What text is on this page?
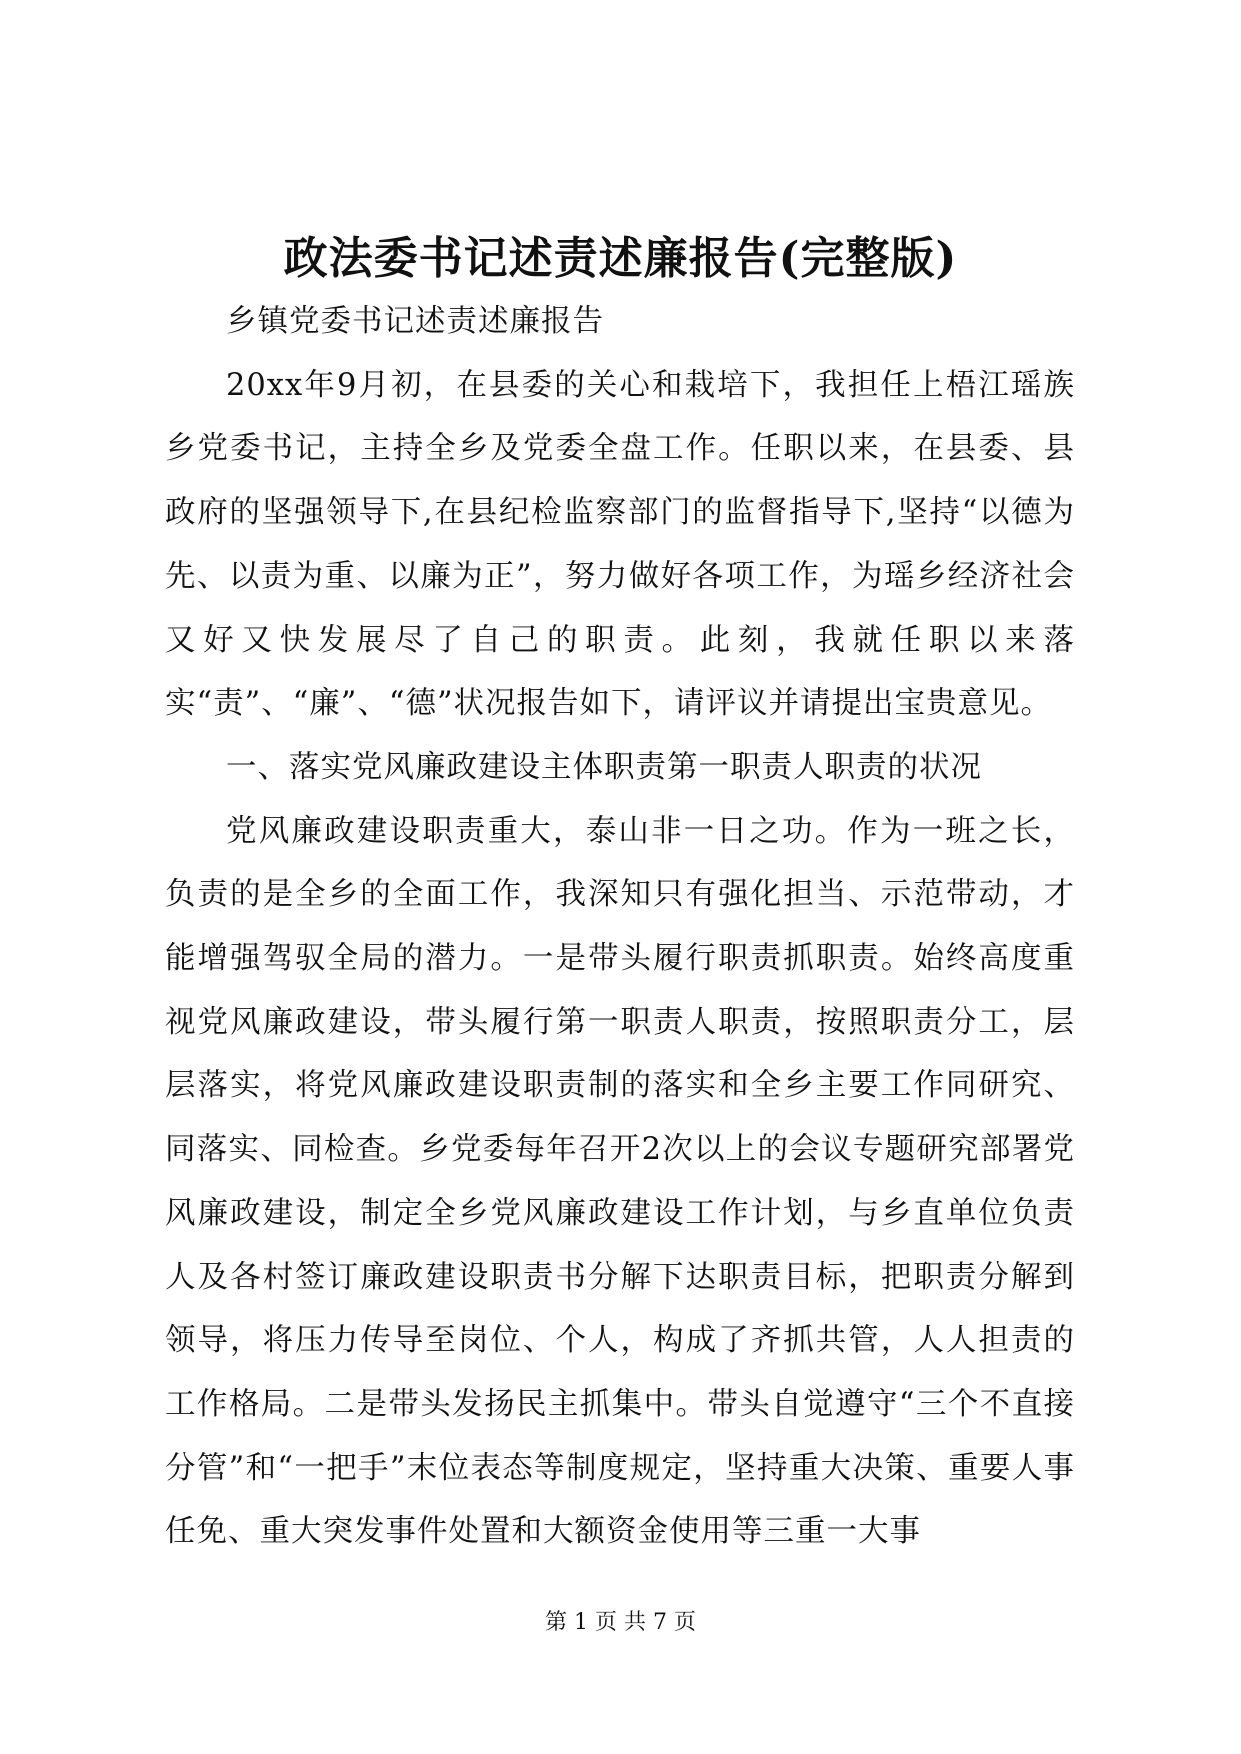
政法委书记述责述廉报告(完整版)

乡镇党委书记述责述廉报告

20xx年9月初，在县委的关心和栽培下，我担任上梧江瑶族乡党委书记，主持全乡及党委全盘工作。任职以来，在县委、县政府的坚强领导下,在县纪检监察部门的监督指导下,坚持“以德为先、以责为重、以廉为正”，努力做好各项工作，为瑶乡经济社会又好又快发展尽了自己的职责。此刻，我就任职以来落实“责”、“廉”、“德”状况报告如下，请评议并请提出宝贵意见。

一、落实党风廉政建设主体职责第一职责人职责的状况

党风廉政建设职责重大，泰山非一日之功。作为一班之长，负责的是全乡的全面工作，我深知只有强化担当、示范带动，才能增强驾驭全局的潜力。一是带头履行职责抓职责。始终高度重视党风廉政建设，带头履行第一职责人职责，按照职责分工，层层落实，将党风廉政建设职责制的落实和全乡主要工作同研究、同落实、同检查。乡党委每年召开2次以上的会议专题研究部署党风廉政建设，制定全乡党风廉政建设工作计划，与乡直单位负责人及各村签订廉政建设职责书分解下达职责目标，把职责分解到领导，将压力传导至岗位、个人，构成了齐抓共管，人人担责的工作格局。二是带头发扬民主抓集中。带头自觉遵守“三个不直接分管”和“一把手”末位表态等制度规定，坚持重大决策、重要人事任免、重大突发事件处置和大额资金使用等三重一大事

第 1 页 共 7 页
